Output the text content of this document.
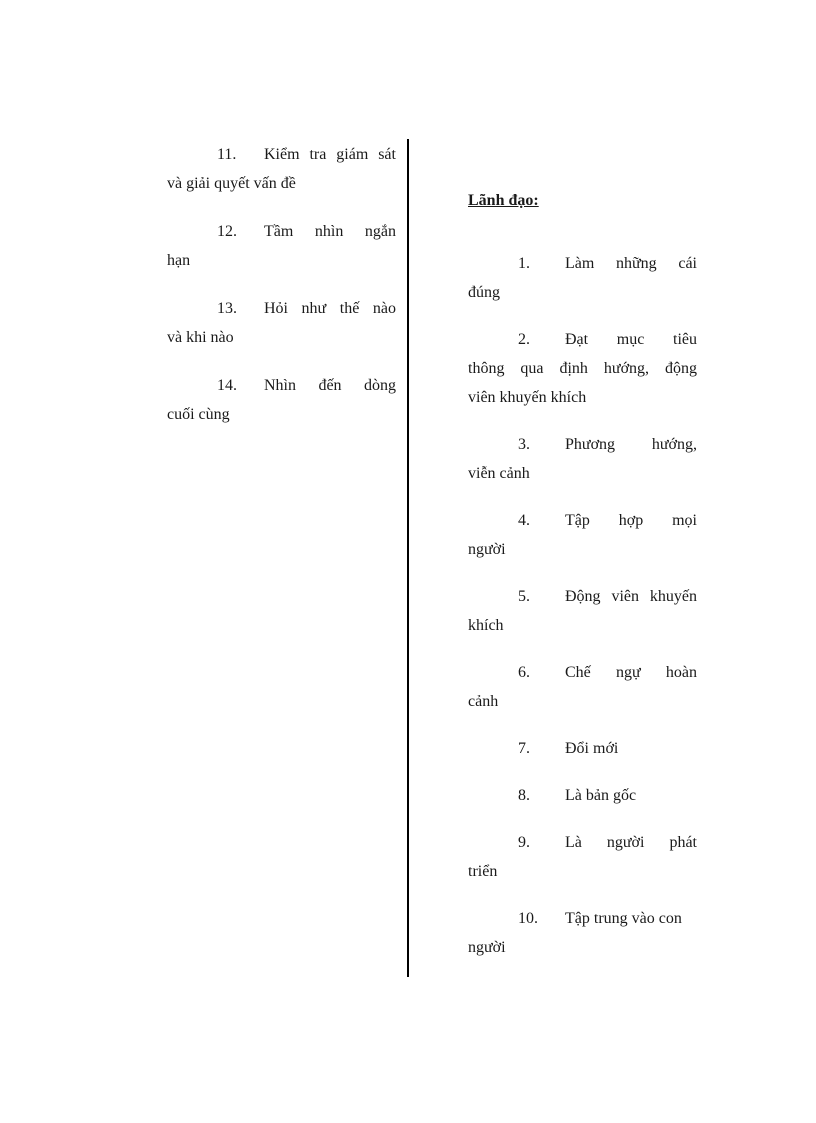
11.	Kiểm tra giám sát
và giải quyết vấn đề
12.	Tầm nhìn ngắn
hạn
13.	Hỏi như thế nào
và khi nào
14.	Nhìn đến dòng
cuối cùng
Lãnh đạo:
1.	Làm những cái
đúng
2.	Đạt mục tiêu
thông qua định hướng, động
viên khuyến khích
3.	Phương hướng,
viễn cảnh
4.	Tập hợp mọi
người
5.	Động viên khuyến
khích
6.	Chế ngự hoàn
cảnh
7.	Đổi mới
8.	Là bản gốc
9.	Là người phát
triển
10.	Tập trung vào con
người
